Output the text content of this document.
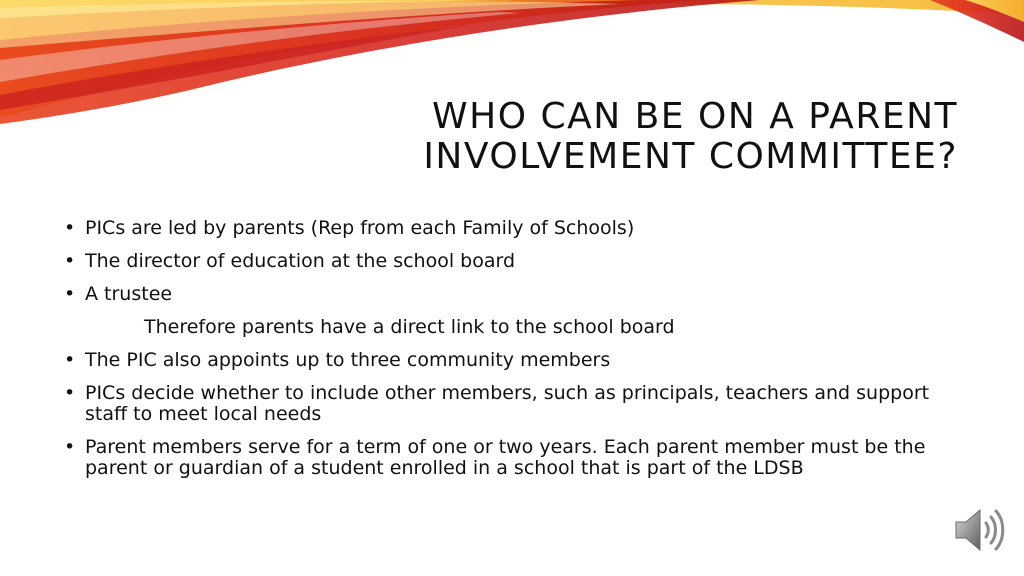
WHO CAN BE ON A PARENT
INVOLVEMENT COMMITTEE?
• PICs are led by parents (Rep from each Family of Schools)
• The director of education at the school board
• A trustee
Therefore parents have a direct link to the school board
• The PIC also appoints up to three community members
• PICs decide whether to include other members, such as principals, teachers and support staff to meet local needs
• Parent members serve for a term of one or two years. Each parent member must be the parent or guardian of a student enrolled in a school that is part of the LDSB
